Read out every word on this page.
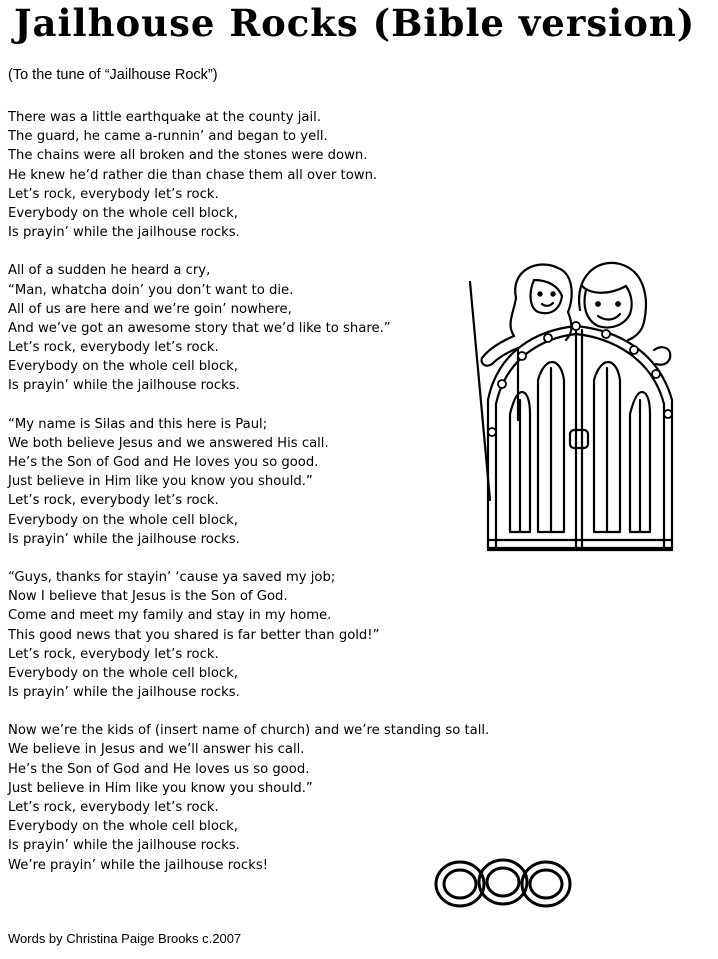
Jailhouse Rocks (Bible version)
(To the tune of “Jailhouse Rock”)
There was a little earthquake at the county jail.
The guard, he came a-runnin’ and began to yell.
The chains were all broken and the stones were down.
He knew he’d rather die than chase them all over town.
Let’s rock, everybody let’s rock.
Everybody on the whole cell block,
Is prayin’ while the jailhouse rocks.
All of a sudden he heard a cry,
“Man, whatcha doin’ you don’t want to die.
All of us are here and we’re goin’ nowhere,
And we’ve got an awesome story that we’d like to share.”
Let’s rock, everybody let’s rock.
Everybody on the whole cell block,
Is prayin’ while the jailhouse rocks.
“My name is Silas and this here is Paul;
We both believe Jesus and we answered His call.
He’s the Son of God and He loves you so good.
Just believe in Him like you know you should.”
Let’s rock, everybody let’s rock.
Everybody on the whole cell block,
Is prayin’ while the jailhouse rocks.
“Guys, thanks for stayin’ ‘cause ya saved my job;
Now I believe that Jesus is the Son of God.
Come and meet my family and stay in my home.
This good news that you shared is far better than gold!”
Let’s rock, everybody let’s rock.
Everybody on the whole cell block,
Is prayin’ while the jailhouse rocks.
Now we’re the kids of (insert name of church) and we’re standing so tall.
We believe in Jesus and we’ll answer his call.
He’s the Son of God and He loves us so good.
Just believe in Him like you know you should.”
Let’s rock, everybody let’s rock.
Everybody on the whole cell block,
Is prayin’ while the jailhouse rocks.
We’re prayin’ while the jailhouse rocks!
Words by Christina Paige Brooks c.2007
